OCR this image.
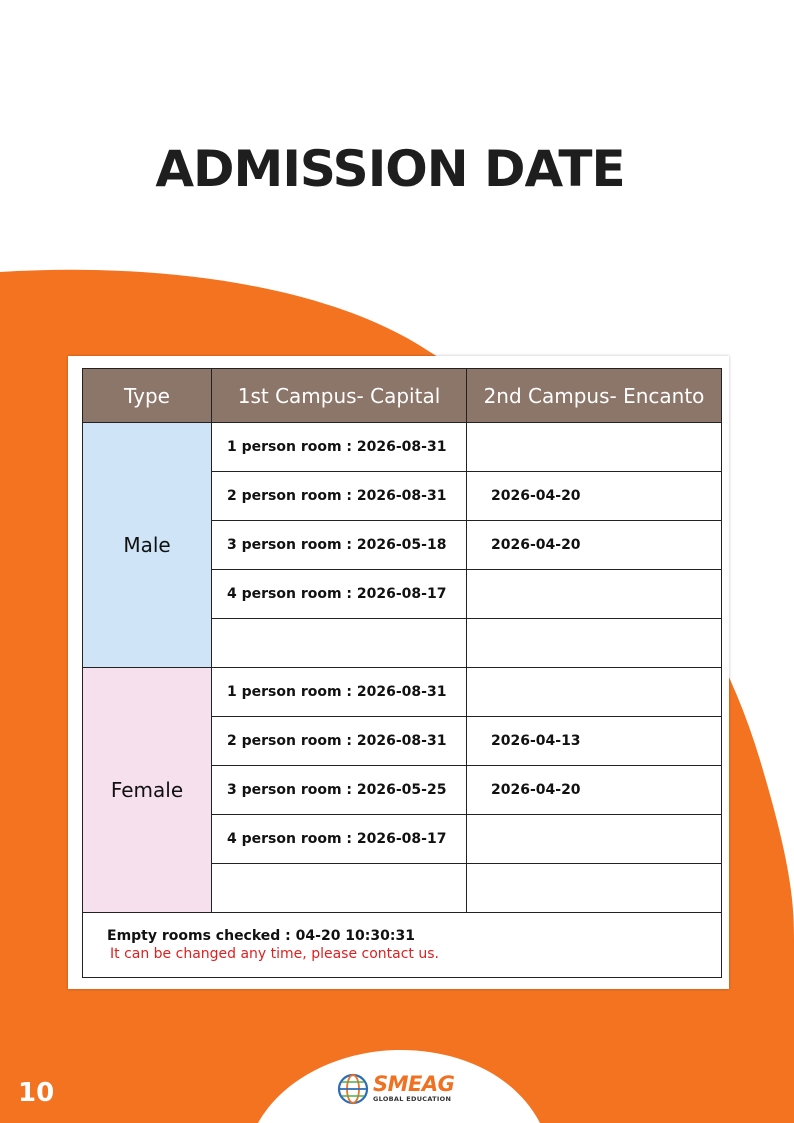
ADMISSION DATE
Type	1st Campus- Capital	2nd Campus- Encanto
Male	1 person room : 2026-08-31	
	2 person room : 2026-08-31	2026-04-20
	3 person room : 2026-05-18	2026-04-20
	4 person room : 2026-08-17	

Female	1 person room : 2026-08-31	
	2 person room : 2026-08-31	2026-04-13
	3 person room : 2026-05-25	2026-04-20
	4 person room : 2026-08-17	

Empty rooms checked : 04-20 10:30:31
It can be changed any time, please contact us.		
10	SMEAG
GLOBAL EDUCATION
